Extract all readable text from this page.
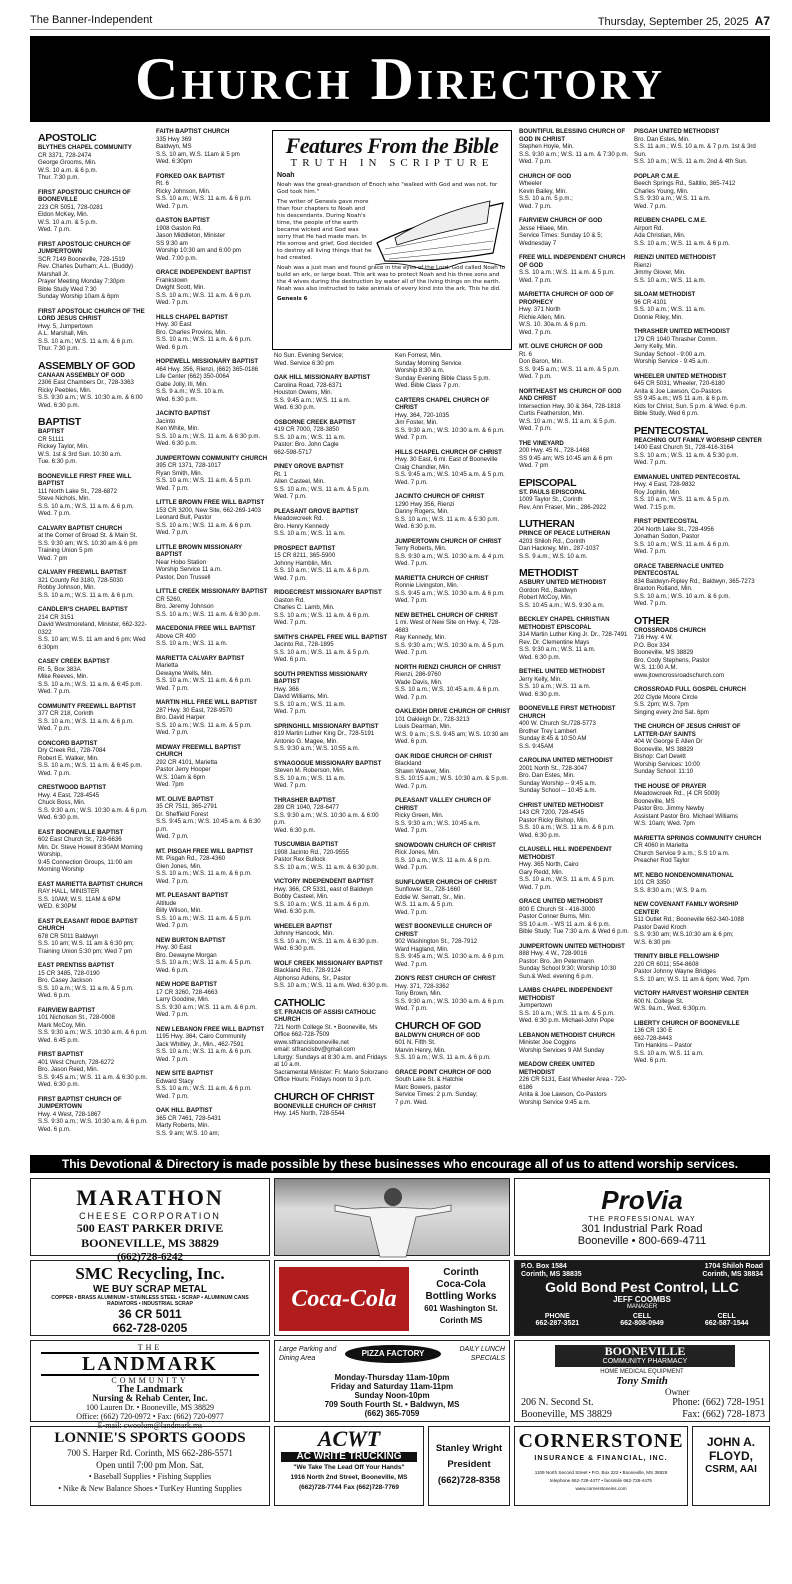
The Banner-Independent	Thursday, September 25, 2025 A7
Church Directory
APOSTOLIC
BLYTHES CHAPEL COMMUNITY
CR 3371, 728-2474
George Grooms, Min.
W.S. 10 a.m. & 6 p.m.
Thur. 7:30 p.m.
FIRST APOSTOLIC CHURCH OF BOONEVILLE
223 CR 5051, 728-0281
Eldon McKey, Min.
W.S. 10 a.m. & 5 p.m.
Wed. 7 p.m.
FIRST APOSTOLIC CHURCH OF JUMPERTOWN
SCR 7149 Booneville, 728-1519
Rev. Charles Durham; A.L. (Buddy) Marshall Jr.
Prayer Meeting Monday 7:30pm
Bible Study Wed 7:30
Sunday Worship 10am & 6pm
FIRST APOSTOLIC CHURCH OF THE LORD JESUS CHRIST
Hwy. 5, Jumpertown
A.L. Marshall, Min.
S.S. 10 a.m.; W.S. 11 a.m. & 6 p.m.
Thur. 7:30 p.m.
ASSEMBLY OF GOD
CANAAN ASSEMBLY OF GOD
2306 East Chambers Dr., 728-3363
Ricky Peebles, Min.
S.S. 9:30 a.m.; W.S. 10:30 a.m. & 6:00 Wed. 6:30 p.m.
BAPTIST
BAPTIST
CR 51111
Rickey Taylor, Min.
W.S. 1st & 3rd Sun. 10:30 a.m.
Tue. 6:30 p.m.
BOONEVILLE FIRST FREE WILL BAPTIST
111 North Lake St., 728-6872
Steve Nichols, Min.
S.S. 10 a.m.; W.S. 11 a.m. & 6 p.m.
Wed. 7 p.m.
CALVARY BAPTIST CHURCH
at the Corner of Broad St. & Main St.
S.S. 9:30 am; W.S. 10:30 am & 6 pm
Training Union 5 pm
Wed. 7 pm
CALVARY FREEWILL BAPTIST
321 County Rd 3180, 728-5030
Robby Johnson, Min.
S.S. 10 a.m.; W.S. 11 a.m. & 6 p.m.
CANDLER'S CHAPEL BAPTIST
214 CR 3151
David Westmoreland, Minister, 662-322-0322
S.S. 10 am; W.S. 11 am and 6 pm; Wed 6:30pm
CASEY CREEK BAPTIST
Rt. 5, Box 383A
Mike Reeves, Min.
S.S. 10 a.m.; W.S. 11 a.m. & 6:45 p.m.
Wed. 7 p.m.
COMMUNITY FREEWILL BAPTIST
377 CR 218, Corinth
S.S. 10 a.m.; W.S. 11 a.m. & 6 p.m.
Wed. 7 p.m.
CONCORD BAPTIST
Dry Creek Rd., 728-7084
Robert E. Walker, Min.
S.S. 10 a.m.; W.S. 11 a.m. & 6:45 p.m.
Wed. 7 p.m.
CRESTWOOD BAPTIST
Hwy. 4 East, 728-4545
Chuck Boss, Min.
S.S. 9:30 a.m.; W.S. 10:30 a.m. & 6 p.m.
Wed. 6:30 p.m.
EAST BOONEVILLE BAPTIST
602 East Church St., 728-6636
Min. Dr. Steve Howell 8:30AM Morning Worship,
9:45 Connection Groups, 11:00 am Morning Worship
EAST MARIETTA BAPTIST CHURCH
RAY HALL, MINISTER
S.S. 10AM; W.S. 11AM & 6PM
WED. 6:30PM
EAST PLEASANT RIDGE BAPTIST CHURCH
678 CR 5011 Baldwyn
S.S. 10 am; W.S. 11 am & 6:30 pm; Training Union 5:30 pm; Wed 7 pm
EAST PRENTISS BAPTIST
15 CR 3485, 728-0190
Bro. Casey Jackson
S.S. 10 a.m.; W.S. 11 a.m. & 5 p.m.
Wed. 6 p.m.
FAIRVIEW BAPTIST
101 Nicholson St., 728-0908
Mark McCoy, Min.
S.S. 9:30 a.m.; W.S. 10:30 a.m. & 6 p.m.
Wed. 6:45 p.m.
FIRST BAPTIST
401 West Church, 728-6272
Bro. Jason Reed, Min.
S.S. 9:45 a.m.; W.S. 11 a.m. & 6:30 p.m.
Wed. 6:30 p.m.
FIRST BAPTIST CHURCH OF JUMPERTOWN
Hwy. 4 West, 728-1867
S.S. 9:30 a.m.; W.S. 10:30 a.m. & 6 p.m.
Wed. 6 p.m.
FAITH BAPTIST CHURCH
335 Hwy 369
Baldwyn, MS
S.S. 10 am, W.S. 11am & 5 pm
Wed. 6:30pm
FORKED OAK BAPTIST
Rt. 6
Ricky Johnson, Min.
S.S. 10 a.m.; W.S. 11 a.m. & 6 p.m.
Wed. 7 p.m.
GASTON BAPTIST
1908 Gaston Rd.
Jason Middleton, Minister
SS 9:30 am
Worship 10:30 am and 6:00 pm
Wed. 7:00 p.m.
GRACE INDEPENDENT BAPTIST
Frankstown
Dwight Scott, Min.
S.S. 10 a.m.; W.S. 11 a.m. & 6 p.m.
Wed. 7 p.m.
HILLS CHAPEL BAPTIST
Hwy. 30 East
Bro. Charles Provins, Min.
S.S. 10 a.m.; W.S. 11 a.m. & 6 p.m.
Wed. 6 p.m.
HOPEWELL MISSIONARY BAPTIST
464 Hwy. 356, Rienzi, (662) 365-0186
Life Center (662) 350-0064
Gabe Jolly, III, Min.
S.S. 9 a.m.; W.S. 10 a.m.
Wed. 6:30 p.m.
JACINTO BAPTIST
Jacinto
Ken White, Min.
S.S. 10 a.m.; W.S. 11 a.m. & 6:30 p.m.
Wed. 6:30 p.m.
JUMPERTOWN COMMUNITY CHURCH
395 CR 1371, 728-1017
Ryan Smith, Min.
S.S. 10 a.m.; W.S. 11 a.m. & 5 p.m.
Wed. 7 p.m.
LITTLE BROWN FREE WILL BAPTIST
153 CR 3200, New Site, 662-269-1403
Leonard Bult, Pastor
S.S. 10 a.m.; W.S. 11 a.m. & 6 p.m.
Wed. 7 p.m.
LITTLE BROWN MISSIONARY BAPTIST
Near Hobo Station
Worship Service 11 a.m.
Pastor, Don Trussell
LITTLE CREEK MISSIONARY BAPTIST
CR 5260,
Bro. Jeremy Johnson
S.S. 10 a.m.; W.S. 11 a.m. & 6:30 p.m.
MACEDONIA FREE WILL BAPTIST
Above CR 400
S.S. 10 a.m.; W.S. 11 a.m.
MARIETTA CALVARY BAPTIST
Marietta
Dewayne Wells, Min.
S.S. 10 a.m.; W.S. 11 a.m. & 6 p.m.
Wed. 7 p.m.
MARTIN HILL FREE WILL BAPTIST
287 Hwy. 30 East, 728-9570
Bro. David Harper
S.S. 10 a.m.; W.S. 11 a.m. & 5 p.m.
Wed. 7 p.m.
MIDWAY FREEWILL BAPTIST CHURCH
292 CR 4101, Marietta
Pastor Jerry Hooper
W.S. 10am & 6pm
Wed. 7pm
MT. OLIVE BAPTIST
35 CR 7511, 365-2791
Dr. Sheffield Forest
S.S. 9:45 a.m.; W.S. 10:45 a.m. & 6:30 p.m.
Wed. 7 p.m.
MT. PISGAH FREE WILL BAPTIST
Mt. Pisgah Rd., 728-4360
Glen Jones, Min.
S.S. 10 a.m.; W.S. 11 a.m. & 6 p.m.
Wed. 7 p.m.
MT. PLEASANT BAPTIST
Altitude
Billy Wilson, Min.
S.S. 10 a.m.; W.S. 11 a.m. & 5 p.m.
Wed. 7 p.m.
NEW BURTON BAPTIST
Hwy. 30 East
Bro. Dewayne Morgan
S.S. 10 a.m.; W.S. 11 a.m. & 5 p.m.
Wed. 6 p.m.
NEW HOPE BAPTIST
17 CR 3260, 728-4663
Larry Goodine, Min.
S.S. 9:30 a.m.; W.S. 11 a.m. & 6 p.m.
Wed. 7 p.m.
NEW LEBANON FREE WILL BAPTIST
1195 Hwy. 364, Cairo Community
Jack Whitley, Jr., Min., 462-7591
S.S. 10 a.m.; W.S. 11 a.m. & 6 p.m.
Wed. 7 p.m.
NEW SITE BAPTIST
Edward Stacy
S.S. 10 a.m.; W.S. 11 a.m. & 6 p.m.
Wed. 7 p.m.
OAK HILL BAPTIST
365 CR 7461, 728-5431
Marty Roberts, Min.
S.S. 9 am; W.S. 10 am;
No Sun. Evening Service;
Wed. Service 6:30 pm
OAK HILL MISSIONARY BAPTIST
Carolina Road, 728-6371
Houston Owens, Min.
S.S. 9:45 a.m.; W.S. 11 a.m.
Wed. 6:30 p.m.
OSBORNE CREEK BAPTIST
419 CR 7000, 728-3850
S.S. 10 a.m.; W.S. 11 a.m.
Pastor: Bro. John Cagle
662-598-5717
PINEY GROVE BAPTIST
Rt. 1
Allen Casteel, Min.
S.S. 10 a.m.; W.S. 11 a.m. & 5 p.m.
Wed. 7 p.m.
PLEASANT GROVE BAPTIST
Meadowcreek Rd.
Bro. Henry Kennedy
S.S. 10 a.m.; W.S. 11 a.m.
PROSPECT BAPTIST
15 CR 8211, 365-5900
Johnny Hamblin, Min.
S.S. 10 a.m.; W.S. 11 a.m. & 6 p.m.
Wed. 7 p.m.
RIDGECREST MISSIONARY BAPTIST
Gaston Rd.
Charles C. Lamb, Min.
S.S. 10 a.m.; W.S. 11 a.m. & 6 p.m.
Wed. 7 p.m.
SMITH'S CHAPEL FREE WILL BAPTIST
Jacinto Rd., 728-1895
S.S. 10 a.m.; W.S. 11 a.m. & 5 p.m.
Wed. 6 p.m.
SOUTH PRENTISS MISSIONARY BAPTIST
Hwy. 366
David Williams, Min.
S.S. 10 a.m.; W.S. 11 a.m.
Wed. 7 p.m.
SPRINGHILL MISSIONARY BAPTIST
819 Martin Luther King Dr., 728-5191
Antonio G. Magee, Min.
S.S. 9:30 a.m.; W.S. 10:55 a.m.
SYNAGOGUE MISSIONARY BAPTIST
Steven M. Roberson, Min.
S.S. 10 a.m.; W.S. 11 a.m.
Wed. 7 p.m.
THRASHER BAPTIST
289 CR 1040, 728-6477
S.S. 9:30 a.m.; W.S. 10:30 a.m. & 6:00 p.m.
Wed. 6:30 p.m.
TUSCUMBIA BAPTIST
1908 Jacinto Rd., 720-9555
Pastor Rex Bullock
S.S. 10 a.m.; W.S. 11 a.m. & 6:30 p.m.
VICTORY INDEPENDENT BAPTIST
Hwy. 366, CR 5331, east of Baldwyn
Bobby Casteel, Min.
S.S. 10 a.m.; W.S. 11 a.m. & 6 p.m.
Wed. 6:30 p.m.
WHEELER BAPTIST
Johnny Hancock, Min.
S.S. 10 a.m.; W.S. 11 a.m. & 6:30 p.m.
Wed. 6:30 p.m.
WOLF CREEK MISSIONARY BAPTIST
Blackland Rd., 728-9124
Alphonso Adkins, Sr., Pastor
S.S. 10 a.m.; W.S. 11 a.m. Wed. 6:30 p.m.
CATHOLIC
ST. FRANCIS OF ASSISI CATHOLIC CHURCH
721 North College St. • Booneville, Ms
Office 662-728-7509
www.stfrancisbooneville.net
email: stfrancisbv@gmail.com
Liturgy: Sundays at 8:30 a.m. and Fridays at 10 a.m.
Sacramental Minister: Fr. Mario Solorzano
Office Hours: Fridays noon to 3 p.m.
CHURCH OF CHRIST
BOONEVILLE CHURCH OF CHRIST
Hwy. 145 North, 728-5544
Ken Forrest, Min.
Sunday Morning Service
Worship 8:30 a.m.
Sunday Evening Bible Class 5 p.m.
Wed. Bible Class 7 p.m.
CARTERS CHAPEL CHURCH OF CHRIST
Hwy. 364, 720-1035
Jim Foster, Min.
S.S. 9:30 a.m.; W.S. 10:30 a.m. & 6 p.m.
Wed. 7 p.m.
HILLS CHAPEL CHURCH OF CHRIST
Hwy. 30 East, 6 mi. East of Booneville
Craig Chandler, Min.
S.S. 9:45 a.m.; W.S. 10:45 a.m. & 5 p.m.
Wed. 7 p.m.
JACINTO CHURCH OF CHRIST
1290 Hwy 356, Rienzi
Danny Rogers, Min.
S.S. 10 a.m.; W.S. 11 a.m. & 5:30 p.m.
Wed. 6:30 p.m.
JUMPERTOWN CHURCH OF CHRIST
Terry Roberts, Min.
S.S. 9:30 a.m.; W.S. 10:30 a.m. & 4 p.m.
Wed. 7 p.m.
MARIETTA CHURCH OF CHRIST
Ronnie Livingston, Min.
S.S. 9:45 a.m.; W.S. 10:30 a.m. & 6 p.m.
Wed. 7 p.m.
NEW BETHEL CHURCH OF CHRIST
1 mi. West of New Site on Hwy. 4, 728-4683
Ray Kennedy, Min.
S.S. 9:30 a.m.; W.S. 10:30 a.m. & 5 p.m.
Wed. 7 p.m.
NORTH RIENZI CHURCH OF CHRIST
Rienzi, 286-9760
Wade Davis, Min.
S.S. 10 a.m.; W.S. 10:45 a.m. & 6 p.m.
Wed. 7 p.m.
OAKLEIGH DRIVE CHURCH OF CHRIST
101 Oakleigh Dr., 728-3213
Louis Dearman, Min.
W.S. 9 a.m.; S.S. 9:45 am; W.S. 10:30 am
Wed. 6 p.m.
OAK RIDGE CHURCH OF CHRIST
Blackland
Shawn Weaver, Min.
S.S. 10:15 a.m.; W.S. 10:30 a.m. & 5 p.m.
Wed. 7 p.m.
PLEASANT VALLEY CHURCH OF CHRIST
Ricky Green, Min.
S.S. 9:30 a.m.; W.S. 10:45 a.m.
Wed. 7 p.m.
SNOWDOWN CHURCH OF CHRIST
Rick Jones, Min.
S.S. 10 a.m.; W.S. 11 a.m. & 6 p.m.
Wed. 7 p.m.
SUNFLOWER CHURCH OF CHRIST
Sunflower St., 728-1660
Eddie W. Serratt, Sr., Min.
W.S. 11 a.m. & 5 p.m.
Wed. 7 p.m.
WEST BOONEVILLE CHURCH OF CHRIST
902 Washington St., 728-7912
Ward Hagland, Min.
S.S. 9:45 a.m.; W.S. 10:30 a.m. & 6 p.m.
Wed. 7 p.m.
ZION'S REST CHURCH OF CHRIST
Hwy. 371, 728-3362
Tony Brown, Min.
S.S. 9:30 a.m.; W.S. 10:30 a.m. & 6 p.m.
Wed. 7 p.m.
CHURCH OF GOD
BALDWYN CHURCH OF GOD
601 N. Fifth St.
Marvin Henry, Min.
S.S. 10 a.m.; W.S. 11 a.m. & 6 p.m.
GRACE POINT CHURCH OF GOD
South Lake St. & Hatchie
Marc Bowers, pastor
Service Times: 2 p.m. Sunday;
7 p.m. Wed.
BOUNTIFUL BLESSING CHURCH OF GOD IN CHRIST
Stephen Hoyle, Min.
S.S. 9:30 a.m.; W.S. 11 a.m. & 7:30 p.m.
Wed. 7 p.m.
CHURCH OF GOD
Wheeler
Kevin Bailey, Min.
S.S. 10 a.m. 5 p.m.;
Wed. 7 p.m.
FAIRVIEW CHURCH OF GOD
Jesse Hilaee, Min.
Service Times: Sunday 10 & 5;
Wednesday 7
FREE WILL INDEPENDENT CHURCH OF GOD
S.S. 10 a.m.; W.S. 11 a.m. & 5 p.m.
Wed. 7 p.m.
MARIETTA CHURCH OF GOD OF PROPHECY
Hwy. 371 North
Richie Allen, Min.
W.S. 10. 30a.m. & 6 p.m.
Wed. 7 p.m.
MT. OLIVE CHURCH OF GOD
Rt. 6
Don Baron, Min.
S.S. 9:45 a.m.; W.S. 11 a.m. & 5 p.m.
Wed. 7 p.m.
NORTHEAST MS CHURCH OF GOD AND CHRIST
Intersection Hwy. 30 & 364, 728-1818
Curtis Featherston, Min.
W.S. 10 a.m.; W.S. 11 a.m. & 5 p.m.
Wed. 7 p.m.
THE VINEYARD
200 Hwy. 45 N., 728-1468
SS 9:45 am; WS 10:45 am & 6 pm
Wed. 7 pm
EPISCOPAL
ST. PAULS EPISCOPAL
1009 Taylor St., Corinth
Rev. Ann Fraser, Min., 286-2922
LUTHERAN
PRINCE OF PEACE LUTHERAN
4203 Shiloh Rd., Corinth
Dan Hackney, Min., 287-1037
S.S. 9 a.m.; W.S. 10 a.m.
METHODIST
ASBURY UNITED METHODIST
Gordon Rd., Baldwyn
Robert McCoy, Min.
S.S. 10:45 a.m.; W.S. 9:30 a.m.
BECKLEY CHAPEL CHRISTIAN METHODIST EPISCOPAL
314 Martin Luther King Jr. Dr., 728-7491
Rev. Dr. Clementine Mays
S.S. 9:30 a.m.; W.S. 11 a.m.
Wed. 6:30 p.m.
BETHEL UNITED METHODIST
Jerry Kelly, Min.
S.S. 10 a.m.; W.S. 11 a.m.
Wed. 6:30 p.m.
BOONEVILLE FIRST METHODIST CHURCH
400 W. Church St./728-5773
Brother Trey Lambert
Sunday 8:45 & 10:50 AM
S.S. 9:45AM
CAROLINA UNITED METHODIST
2001 North St., 728-3047
Bro. Dan Estes, Min.
Sunday Worship -- 9:45 a.m.
Sunday School -- 10:45 a.m.
CHRIST UNITED METHODIST
143 CR 7200, 728-4545
Pastor Ricky Bishop, Min.
S.S. 10 a.m.; W.S. 11 a.m. & 6 p.m.
Wed. 6:30 p.m.
CLAUSELL HILL INDEPENDENT METHODIST
Hwy. 365 North, Cairo
Gary Redd, Min.
S.S. 10 a.m.; W.S. 11 a.m. & 5 p.m.
Wed. 7 p.m.
GRACE UNITED METHODIST
800 E Church St - 416-3000
Pastor Conner Burns, Min.
SS 10 a.m. - WS 11 a.m. & 6 p.m.
Bible Study: Tue 7:30 a.m. & Wed 6 p.m.
JUMPERTOWN UNITED METHODIST
888 Hwy. 4 W., 728-9016
Pastor: Bro. Jim Petermann
Sunday School 9:30; Worship 10:30
Sun.& Wed. evening 6 p.m.
LAMBS CHAPEL INDEPENDENT METHODIST
Jumpertown
S.S. 10 a.m.; W.S. 11 a.m. & 5 p.m.
Wed. 6:30 p.m. Michael-John Pope
LEBANON METHODIST CHURCH
Minister Joe Coggins
Worship Services 9 AM Sunday
MEADOW CREEK UNITED METHODIST
226 CR 5131, East Wheeler Area - 720-6186
Anita & Joe Lawson, Co-Pastors
Worship Service 9:45 a.m.
PISGAH UNITED METHODIST
Bro. Dan Estes, Min.
S.S. 11 a.m.; W.S. 10 a.m. & 7 p.m. 1st & 3rd Sun.
S.S. 10 a.m.; W.S. 11 a.m. 2nd & 4th Sun.
POPLAR C.M.E.
Beech Springs Rd., Saltillo, 365-7412
Charles Young, Min.
S.S. 9:30 a.m.; W.S. 11 a.m.
Wed. 7 p.m.
REUBEN CHAPEL C.M.E.
Airport Rd.
Ada Christian, Min.
S.S. 10 a.m.; W.S. 11 a.m. & 6 p.m.
RIENZI UNITED METHODIST
Rienzi
Jimmy Glover, Min.
S.S. 10 a.m.; W.S. 11 a.m.
SILOAM METHODIST
96 CR 4101
S.S. 10 a.m.; W.S. 11 a.m.
Donnie Riley, Min.
THRASHER UNITED METHODIST
179 CR 1040 Thrasher Comm.
Jerry Kelly, Min.
Sunday School - 9:00 a.m.
Worship Service - 9:45 a.m.
WHEELER UNITED METHODIST
645 CR 5031, Wheeler, 720-6180
Anita & Joe Lawson, Co-Pastors
SS 9:45 a.m.; WS 11 a.m. & 6 p.m.
Kids for Christ, Sun. 5 p.m. & Wed. 6 p.m.
Bible Study, Wed 6 p.m.
PENTECOSTAL
REACHING OUT FAMILY WORSHIP CENTER
1400 East Church St., 728-416-3164
S.S. 10 a.m.; W.S. 11 a.m. & 5:30 p.m.
Wed. 7 p.m.
EMMANUEL UNITED PENTECOSTAL
Hwy. 4 East, 728-9832
Roy Jophlin, Min.
S.S. 10 a.m.; W.S. 11 a.m. & 5 p.m.
Wed. 7:15 p.m.
FIRST PENTECOSTAL
204 North Lake St., 728-4956
Jonathan Sodon, Pastor
S.S. 10 a.m.; W.S. 11 a.m. & 6 p.m.
Wed. 7 p.m.
GRACE TABERNACLE UNITED PENTECOSTAL
834 Baldwyn-Ripley Rd., Baldwyn, 365-7273
Braxton Rutland, Min.
S.S. 10 a.m.; W.S. 10 a.m. & 6 p.m.
Wed. 7 p.m.
OTHER
CROSSROADS CHURCH
716 Hwy. 4 W.
P.O. Box 334
Booneville, MS 38829
Bro. Cody Stephens, Pastor
W.S. 11:00 A.M.
www.jtowncrossroadschurch.com
CROSSROAD FULL GOSPEL CHURCH
202 Clyde Moore Circle
S.S. 2pm; W.S. 7pm
Singing every 2nd Sat. 6pm
THE CHURCH OF JESUS CHRIST OF LATTER-DAY SAINTS
404 W George E Allen Dr
Booneville, MS 38829
Bishop: Carl Dewitt
Worship Services: 10:00
Sunday School: 11:10
THE HOUSE OF PRAYER
Meadowcreek Rd., (4 CR 5009)
Booneville, MS
Pastor Bro. Jimmy Newby
Assistant Pastor Bro. Michael Williams
W.S. 10am; Wed. 7pm
MARIETTA SPRINGS COMMUNITY CHURCH
CR 4060 in Marietta
Church Service 9 a.m.; S.S 10 a.m.
Preacher Rod Taylor
MT. NEBO NONDENOMINATIONAL
101 CR 3350
S.S. 8:30 a.m.; W.S. 9 a.m.
NEW COVENANT FAMILY WORSHIP CENTER
511 Outlet Rd.; Booneville 662-340-1088
Pastor David Kroch
S.S. 9:30 am; W.S.10:30 am & 6 pm;
W.S. 6:30 pm
TRINITY BIBLE FELLOWSHIP
220 CR 6011; 554-8608
Pastor Johnny Wayne Bridges
S.S. 10 am; W.S. 11 am & 6pm; Wed. 7pm
VICTORY HARVEST WORSHIP CENTER
600 N. College St.
W.S. 9a.m., Wed. 6:30p.m.
LIBERTY CHURCH OF BOONEVILLE
136 CR 130 E
662-728-8443
Tim Hankins – Pastor
S.S. 10 a.m. W.S. 11 a.m.
Wed. 6 p.m.
Features From the Bible
TRUTH IN SCRIPTURE
Noah

Noah was the great-grandson of Enoch who "walked with God and was not, for God took him."

The writer of Genesis gave more than four chapters to Noah and his descendants. During Noah's time, the people of the earth became wicked and God was sorry that He had made man. In His sorrow and grief, God decided to destroy all living things that he had created.

Noah was a just man and found grace in the eyes of the Lord. God called Noah to build an ark, or large boat. This ark was to protect Noah and his three sons and the 4 wives during the destruction by water all of the living things on the earth. Noah was also instructed to take animals of every kind into the ark. This he did.

Genesis 6

This Devotional & Directory is made possible by these businesses who encourage all of us to attend worship services.
MARATHON
CHEESE CORPORATION
500 EAST PARKER DRIVE
BOONEVILLE, MS 38829
(662)728-6242
ProVia
THE PROFESSIONAL WAY
301 Industrial Park Road
Booneville • 800-669-4711
SMC Recycling, Inc.
WE BUY SCRAP METAL
COPPER • BRASS ALUMINUM • STAINLESS STEEL • SCRAP • ALUMINUM CANS
RADIATORS • INDUSTRIAL SCRAP
36 CR 5011
662-728-0205
Coca-Cola
Corinth
Coca-Cola
Bottling Works
601 Washington St.
Corinth MS
P.O. Box 1584
Corinth, MS 38835
1704 Shiloh Road
Corinth, MS 38834
Gold Bond Pest Control, LLC
JEFF COOMBS
MANAGER
PHONE
662-287-3521
CELL
662-808-0949
CELL
662-587-1544
THE
LANDMARK
COMMUNITY
The Landmark
Nursing & Rehab Center, Inc.
100 Lauren Dr. • Booneville, MS 38829
Office: (662) 720-0972 • Fax: (662) 720-0977
E-mail: cwoolum@landmark.ms
Large Parking and Dining Area
PIZZA FACTORY	DAILY LUNCH SPECIALS
Monday-Thursday 11am-10pm
Friday and Saturday 11am-11pm
Sunday Noon-10pm
709 South Fourth St. • Baldwyn, MS
(662) 365-7059
BOONEVILLE
COMMUNITY PHARMACY
HOME MEDICAL EQUIPMENT
Tony Smith
Owner
206 N. Second St.
Booneville, MS 38829
Phone: (662) 728-1951
Fax: (662) 728-1873
LONNIE'S SPORTS GOODS
700 S. Harper Rd. Corinth, MS 662-286-5571
Open until 7:00 pm Mon. Sat.
• Baseball Supplies • Fishing Supplies
• Nike & New Balance Shoes • TurKey Hunting Supplies
ACWT
AC WRITE TRUCKING
"We Take The Lead Off Your Hands"
1916 North 2nd Street, Booneville, MS
(662)728-7744 Fax (662)728-7769
Stanley Wright
President
(662)728-8358
CORNERSTONE
INSURANCE & FINANCIAL, INC.
1109 North Second Street • P.O. Box 222 • Booneville, MS 38829
telephone 662-728-4477 • facsimile 662-728-4475
www.cornerstoneins.com
JOHN A.
FLOYD,
CSRM, AAI
